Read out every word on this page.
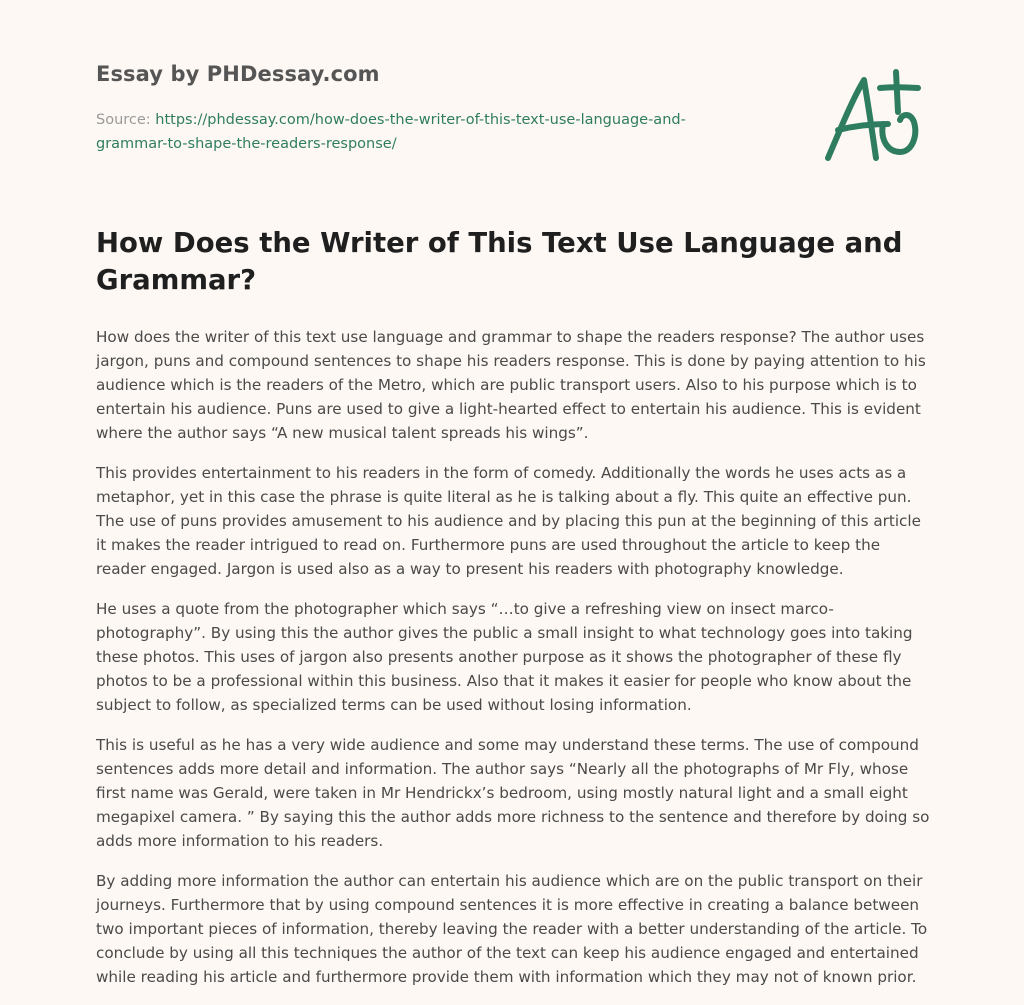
Essay by PHDessay.com
Source: https://phdessay.com/how-does-the-writer-of-this-text-use-language-and-
grammar-to-shape-the-readers-response/
How Does the Writer of This Text Use Language and
Grammar?

How does the writer of this text use language and grammar to shape the readers response? The author uses jargon, puns and compound sentences to shape his readers response. This is done by paying attention to his audience which is the readers of the Metro, which are public transport users. Also to his purpose which is to entertain his audience. Puns are used to give a light-hearted effect to entertain his audience. This is evident where the author says “A new musical talent spreads his wings”.

This provides entertainment to his readers in the form of comedy. Additionally the words he uses acts as a metaphor, yet in this case the phrase is quite literal as he is talking about a fly. This quite an effective pun. The use of puns provides amusement to his audience and by placing this pun at the beginning of this article it makes the reader intrigued to read on. Furthermore puns are used throughout the article to keep the reader engaged. Jargon is used also as a way to present his readers with photography knowledge.

He uses a quote from the photographer which says “…to give a refreshing view on insect marco-photography”. By using this the author gives the public a small insight to what technology goes into taking these photos. This uses of jargon also presents another purpose as it shows the photographer of these fly photos to be a professional within this business. Also that it makes it easier for people who know about the subject to follow, as specialized terms can be used without losing information.

This is useful as he has a very wide audience and some may understand these terms. The use of compound sentences adds more detail and information. The author says “Nearly all the photographs of Mr Fly, whose first name was Gerald, were taken in Mr Hendrickx’s bedroom, using mostly natural light and a small eight megapixel camera. ” By saying this the author adds more richness to the sentence and therefore by doing so adds more information to his readers.

By adding more information the author can entertain his audience which are on the public transport on their journeys. Furthermore that by using compound sentences it is more effective in creating a balance between two important pieces of information, thereby leaving the reader with a better understanding of the article. To conclude by using all this techniques the author of the text can keep his audience engaged and entertained while reading his article and furthermore provide them with information which they may not of known prior.
